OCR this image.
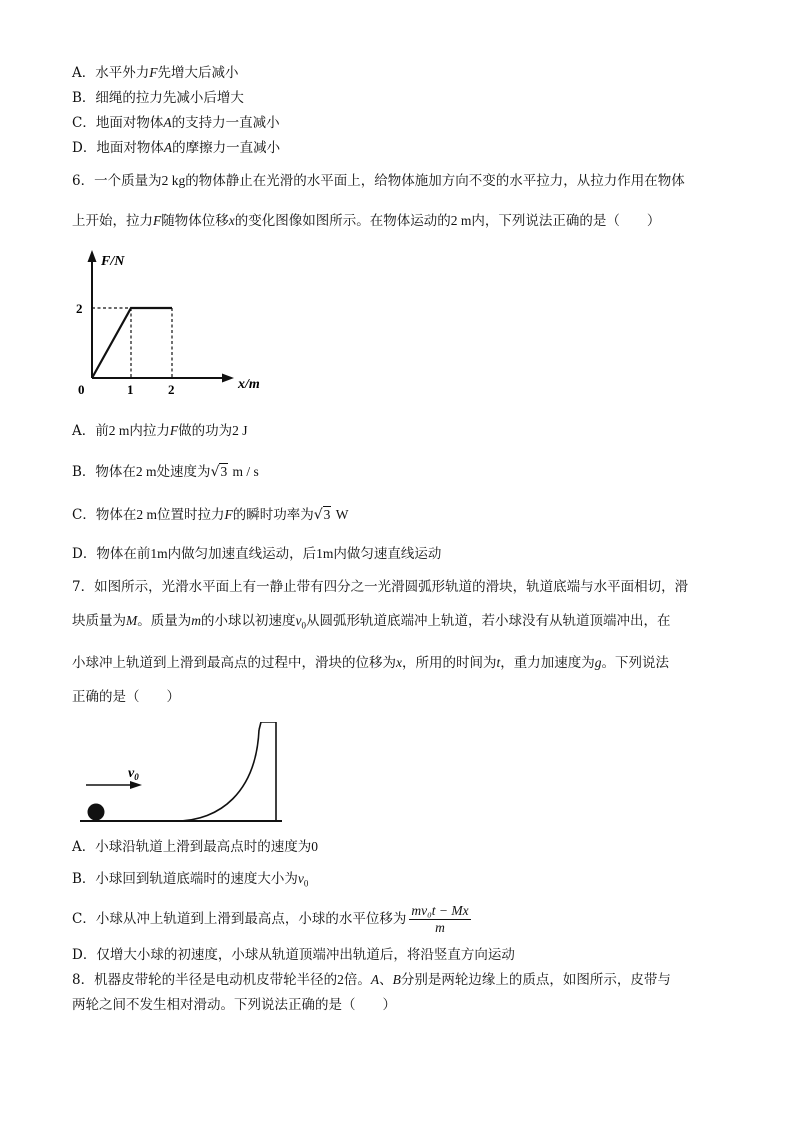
A．水平外力F先增大后减小
B．细绳的拉力先减小后增大
C．地面对物体A的支持力一直减小
D．地面对物体A的摩擦力一直减小
6．一个质量为2 kg的物体静止在光滑的水平面上，给物体施加方向不变的水平拉力，从拉力作用在物体
上开始，拉力F随物体位移x的变化图像如图所示。在物体运动的2 m内，下列说法正确的是（　　）
F/N
x/m
0	1	2
2
A．前2 m内拉力F做的功为2 J
B．物体在2 m处速度为√3 m / s
C．物体在2 m位置时拉力F的瞬时功率为√3 W
D．物体在前1m内做匀加速直线运动，后1m内做匀速直线运动
7．如图所示，光滑水平面上有一静止带有四分之一光滑圆弧形轨道的滑块，轨道底端与水平面相切，滑
块质量为M。质量为m的小球以初速度$v_0$从圆弧形轨道底端冲上轨道，若小球没有从轨道顶端冲出，在
小球冲上轨道到上滑到最高点的过程中，滑块的位移为x，所用的时间为t，重力加速度为g。下列说法
正确的是（　　）
$v_0$
A．小球沿轨道上滑到最高点时的速度为0
B．小球回到轨道底端时的速度大小为$v_0$
C．小球从冲上轨道到上滑到最高点，小球的水平位移为 $\frac{\text{mv₀t − Mx}}{m}$
D．仅增大小球的初速度，小球从轨道顶端冲出轨道后，将沿竖直方向运动
8．机器皮带轮的半径是电动机皮带轮半径的2倍。A、B分别是两轮边缘上的质点，如图所示，皮带与
两轮之间不发生相对滑动。下列说法正确的是（　　）
